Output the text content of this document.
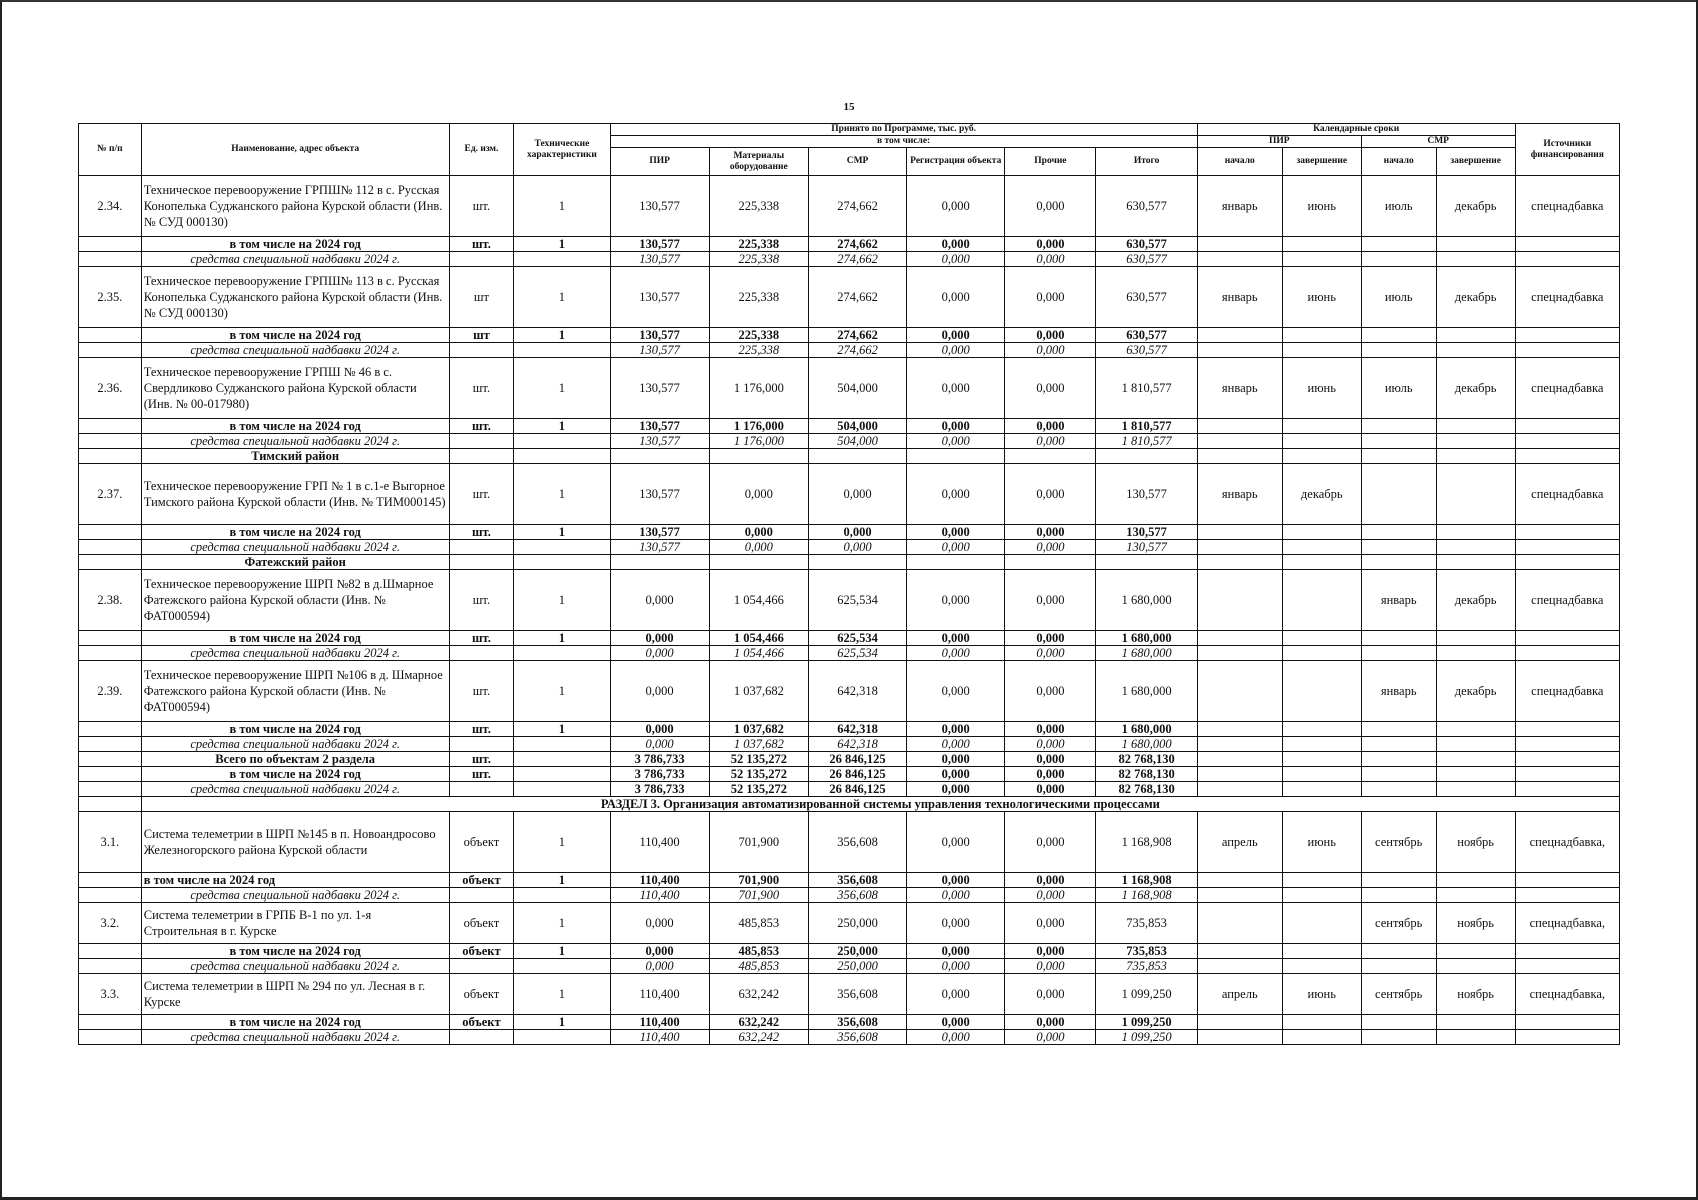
15
№ п/п	Наименование, адрес объекта	Ед. изм.	Технические характеристики	Принято по Программе, тыс. руб.						Календарные сроки				Источники финансирования
				в том числе:						ПИР		СМР		
				ПИР	Материалы оборудование	СМР	Регистрация объекта	Прочие	Итого	начало	завершение	начало	завершение	
2.34.	Техническое перевооружение ГРПШ№ 112 в с. Русская Конопелька Суджанского района Курской области (Инв. № СУД 000130)	шт.	1	130,577	225,338	274,662	0,000	0,000	630,577	январь	июнь	июль	декабрь	спецнадбавка
	в том числе на 2024 год	шт.	1	130,577	225,338	274,662	0,000	0,000	630,577					
	средства специальной надбавки 2024 г.			130,577	225,338	274,662	0,000	0,000	630,577					
2.35.	Техническое перевооружение ГРПШ№ 113 в с. Русская Конопелька Суджанского района Курской области (Инв. № СУД 000130)	шт	1	130,577	225,338	274,662	0,000	0,000	630,577	январь	июнь	июль	декабрь	спецнадбавка
	в том числе на 2024 год	шт	1	130,577	225,338	274,662	0,000	0,000	630,577					
	средства специальной надбавки 2024 г.			130,577	225,338	274,662	0,000	0,000	630,577					
2.36.	Техническое перевооружение ГРПШ № 46 в с. Свердликово Суджанского района Курской области (Инв. № 00-017980)	шт.	1	130,577	1 176,000	504,000	0,000	0,000	1 810,577	январь	июнь	июль	декабрь	спецнадбавка
	в том числе на 2024 год	шт.	1	130,577	1 176,000	504,000	0,000	0,000	1 810,577					
	средства специальной надбавки 2024 г.			130,577	1 176,000	504,000	0,000	0,000	1 810,577					
	Тимский район													
2.37.	Техническое перевооружение ГРП № 1 в с.1-е Выгорное Тимского района Курской области (Инв. № ТИМ000145)	шт.	1	130,577	0,000	0,000	0,000	0,000	130,577	январь	декабрь			спецнадбавка
	в том числе на 2024 год	шт.	1	130,577	0,000	0,000	0,000	0,000	130,577					
	средства специальной надбавки 2024 г.			130,577	0,000	0,000	0,000	0,000	130,577					
	Фатежский район													
2.38.	Техническое перевооружение ШРП №82 в д.Шмарное Фатежского района Курской области (Инв. № ФАТ000594)	шт.	1	0,000	1 054,466	625,534	0,000	0,000	1 680,000			январь	декабрь	спецнадбавка
	в том числе на 2024 год	шт.	1	0,000	1 054,466	625,534	0,000	0,000	1 680,000					
	средства специальной надбавки 2024 г.			0,000	1 054,466	625,534	0,000	0,000	1 680,000					
2.39.	Техническое перевооружение ШРП №106 в д. Шмарное Фатежского района Курской области (Инв. № ФАТ000594)	шт.	1	0,000	1 037,682	642,318	0,000	0,000	1 680,000			январь	декабрь	спецнадбавка
	в том числе на 2024 год	шт.	1	0,000	1 037,682	642,318	0,000	0,000	1 680,000					
	средства специальной надбавки 2024 г.			0,000	1 037,682	642,318	0,000	0,000	1 680,000					
	Всего по объектам 2 раздела	шт.		3 786,733	52 135,272	26 846,125	0,000	0,000	82 768,130					
	в том числе на 2024 год	шт.		3 786,733	52 135,272	26 846,125	0,000	0,000	82 768,130					
	средства специальной надбавки 2024 г.			3 786,733	52 135,272	26 846,125	0,000	0,000	82 768,130					
	РАЗДЕЛ 3. Организация автоматизированной системы управления технологическими процессами													
3.1.	Система телеметрии в ШРП №145 в п. Новоандросово Железногорского района Курской области	объект	1	110,400	701,900	356,608	0,000	0,000	1 168,908	апрель	июнь	сентябрь	ноябрь	спецнадбавка,
	в том числе на 2024 год	объект	1	110,400	701,900	356,608	0,000	0,000	1 168,908					
	средства специальной надбавки 2024 г.			110,400	701,900	356,608	0,000	0,000	1 168,908					
3.2.	Система телеметрии в ГРПБ В-1 по ул. 1-я Строительная в г. Курске	объект	1	0,000	485,853	250,000	0,000	0,000	735,853			сентябрь	ноябрь	спецнадбавка,
	в том числе на 2024 год	объект	1	0,000	485,853	250,000	0,000	0,000	735,853					
	средства специальной надбавки 2024 г.			0,000	485,853	250,000	0,000	0,000	735,853					
3.3.	Система телеметрии в ШРП № 294 по ул. Лесная в г. Курске	объект	1	110,400	632,242	356,608	0,000	0,000	1 099,250	апрель	июнь	сентябрь	ноябрь	спецнадбавка,
	в том числе на 2024 год	объект	1	110,400	632,242	356,608	0,000	0,000	1 099,250					
	средства специальной надбавки 2024 г.			110,400	632,242	356,608	0,000	0,000	1 099,250					
